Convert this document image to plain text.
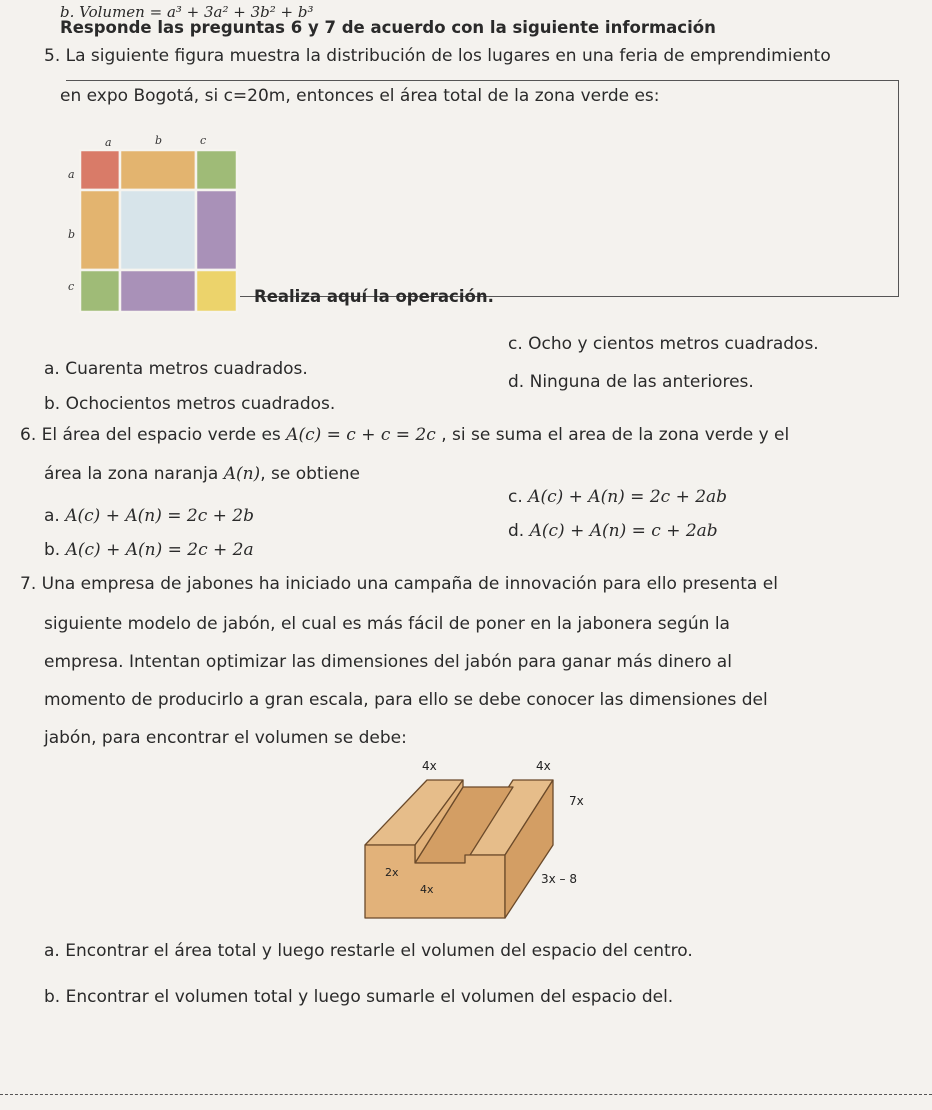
b. Volumen = a³ + 3a² + 3b² + b³
Responde las preguntas 6 y 7 de acuerdo con la siguiente información
5. La siguiente figura muestra la distribución de los lugares en una feria de emprendimiento
en expo Bogotá, si c=20m, entonces el área total de la zona verde es:
a	b	c
a
b
c
Realiza aquí la operación.
c. Ocho y cientos metros cuadrados.
a. Cuarenta metros cuadrados.
d. Ninguna de las anteriores.
b. Ochocientos metros cuadrados.
6. El área del espacio verde es A(c) = c + c = 2c , si se suma el area de la zona verde y el
área la zona naranja A(n), se obtiene
c. A(c) + A(n) = 2c + 2ab
a. A(c) + A(n) = 2c + 2b
d. A(c) + A(n) = c + 2ab
b. A(c) + A(n) = 2c + 2a
7. Una empresa de jabones ha iniciado una campaña de innovación para ello presenta el
siguiente modelo de jabón, el cual es más fácil de poner en la jabonera según la
empresa. Intentan optimizar las dimensiones del jabón para ganar más dinero al
momento de producirlo a gran escala, para ello se debe conocer las dimensiones del
jabón, para encontrar el volumen se debe:
4x	4x
7x
2x
4x
3x – 8
a. Encontrar el área total y luego restarle el volumen del espacio del centro.
b. Encontrar el volumen total y luego sumarle el volumen del espacio del.
